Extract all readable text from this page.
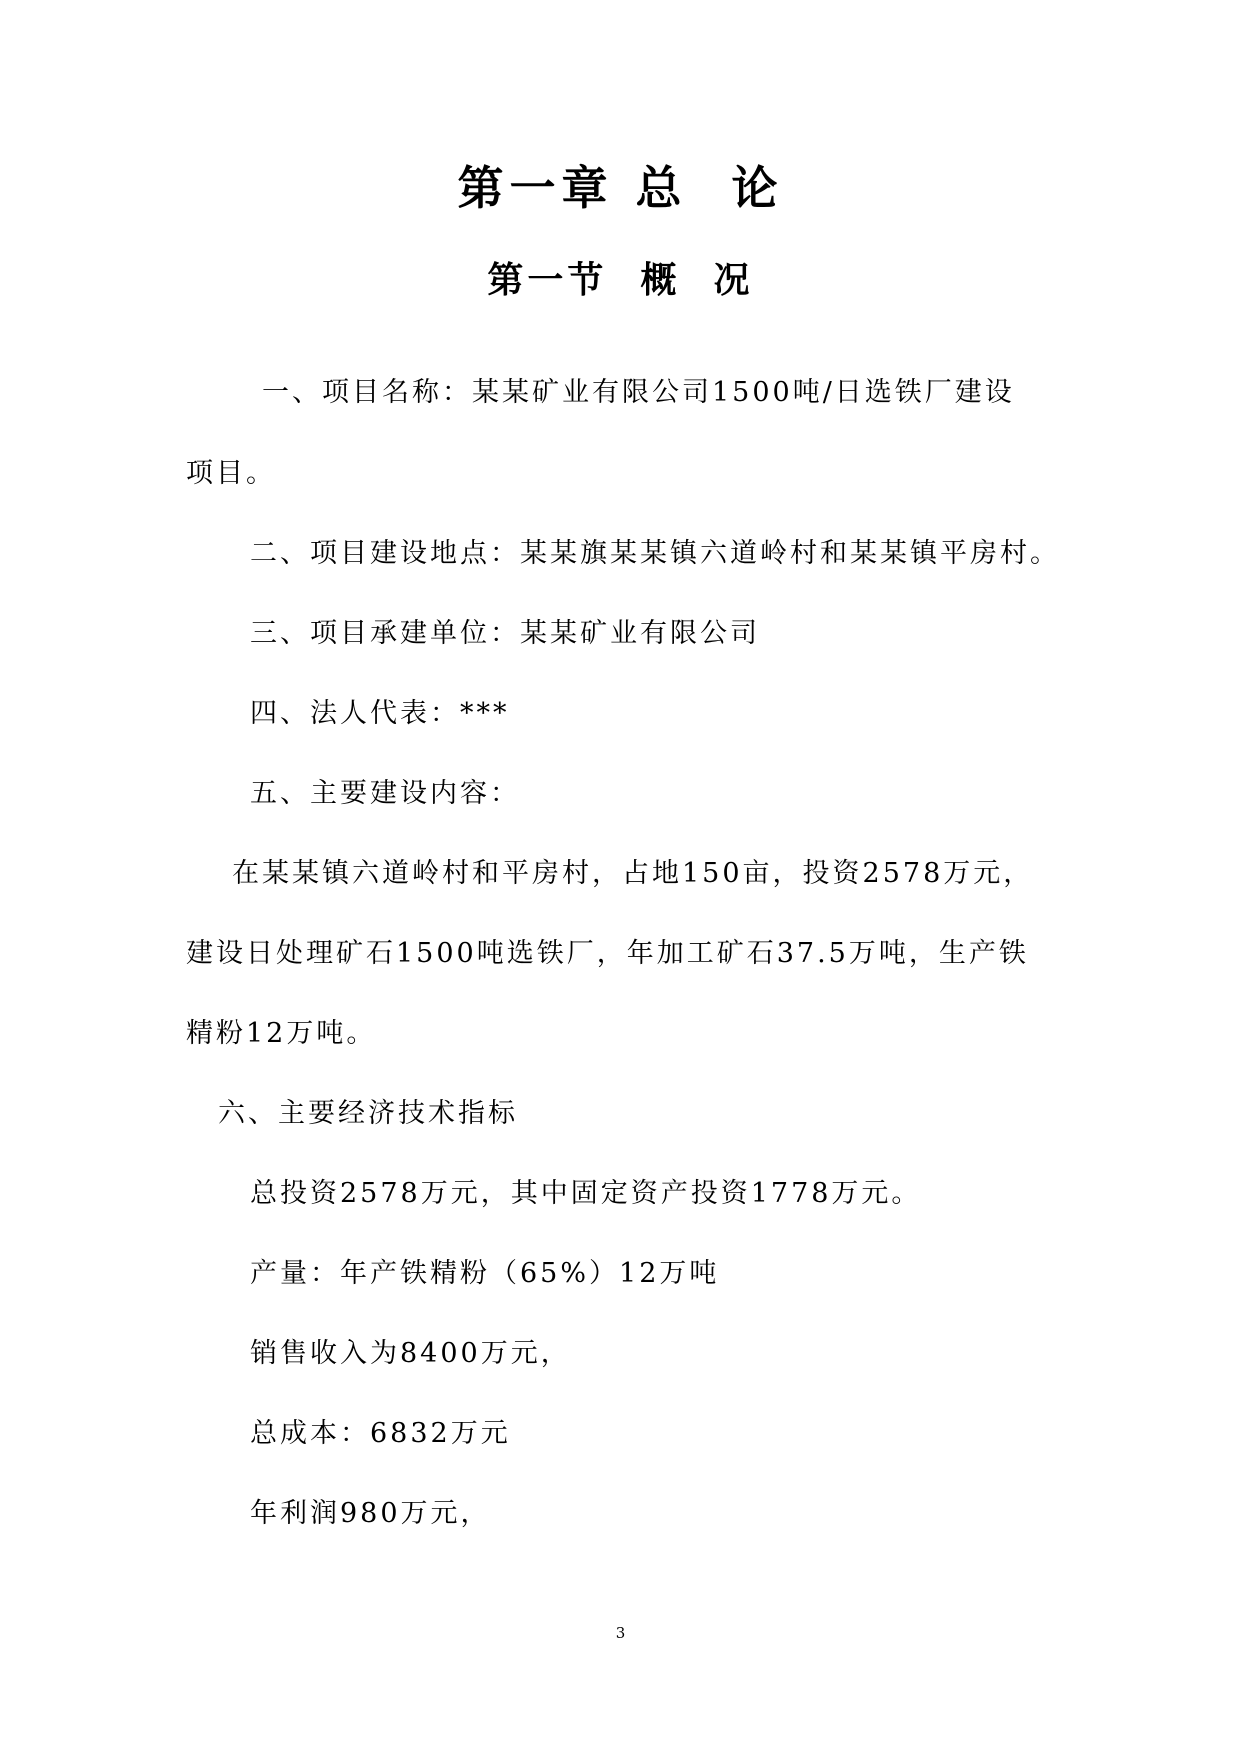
第一章 总  论
第一节  概  况
一、项目名称：某某矿业有限公司1500吨/日选铁厂建设
项目。
二、项目建设地点：某某旗某某镇六道岭村和某某镇平房村。
三、项目承建单位：某某矿业有限公司
四、法人代表：***
五、主要建设内容：
在某某镇六道岭村和平房村，占地150亩，投资2578万元，
建设日处理矿石1500吨选铁厂，年加工矿石37.5万吨，生产铁
精粉12万吨。
六、主要经济技术指标
总投资2578万元，其中固定资产投资1778万元。
产量：年产铁精粉（65%）12万吨
销售收入为8400万元，
总成本：6832万元
年利润980万元，
3
